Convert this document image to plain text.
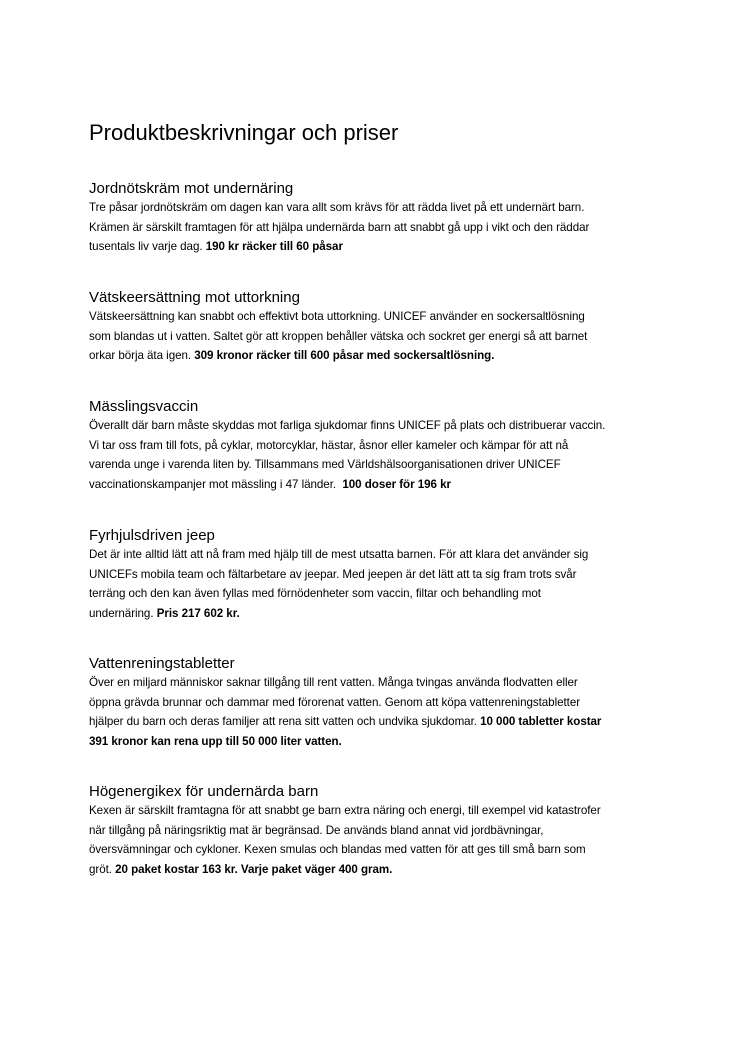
Produktbeskrivningar och priser
Jordnötskräm mot undernäring

Tre påsar jordnötskräm om dagen kan vara allt som krävs för att rädda livet på ett undernärt barn.
Krämen är särskilt framtagen för att hjälpa undernärda barn att snabbt gå upp i vikt och den räddar
tusentals liv varje dag. 190 kr räcker till 60 påsar

Vätskeersättning mot uttorkning

Vätskeersättning kan snabbt och effektivt bota uttorkning. UNICEF använder en sockersaltlösning
som blandas ut i vatten. Saltet gör att kroppen behåller vätska och sockret ger energi så att barnet
orkar börja äta igen. 309 kronor räcker till 600 påsar med sockersaltlösning.

Mässlingsvaccin

Överallt där barn måste skyddas mot farliga sjukdomar finns UNICEF på plats och distribuerar vaccin.
Vi tar oss fram till fots, på cyklar, motorcyklar, hästar, åsnor eller kameler och kämpar för att nå
varenda unge i varenda liten by. Tillsammans med Världshälsoorganisationen driver UNICEF
vaccinationskampanjer mot mässling i 47 länder.  100 doser för 196 kr

Fyrhjulsdriven jeep

Det är inte alltid lätt att nå fram med hjälp till de mest utsatta barnen. För att klara det använder sig
UNICEFs mobila team och fältarbetare av jeepar. Med jeepen är det lätt att ta sig fram trots svår
terräng och den kan även fyllas med förnödenheter som vaccin, filtar och behandling mot
undernäring. Pris 217 602 kr.

Vattenreningstabletter

Över en miljard människor saknar tillgång till rent vatten. Många tvingas använda flodvatten eller
öppna grävda brunnar och dammar med förorenat vatten. Genom att köpa vattenreningstabletter
hjälper du barn och deras familjer att rena sitt vatten och undvika sjukdomar. 10 000 tabletter kostar
391 kronor kan rena upp till 50 000 liter vatten.

Högenergikex för undernärda barn

Kexen är särskilt framtagna för att snabbt ge barn extra näring och energi, till exempel vid katastrofer
när tillgång på näringsriktig mat är begränsad. De används bland annat vid jordbävningar,
översvämningar och cykloner. Kexen smulas och blandas med vatten för att ges till små barn som
gröt. 20 paket kostar 163 kr. Varje paket väger 400 gram.
